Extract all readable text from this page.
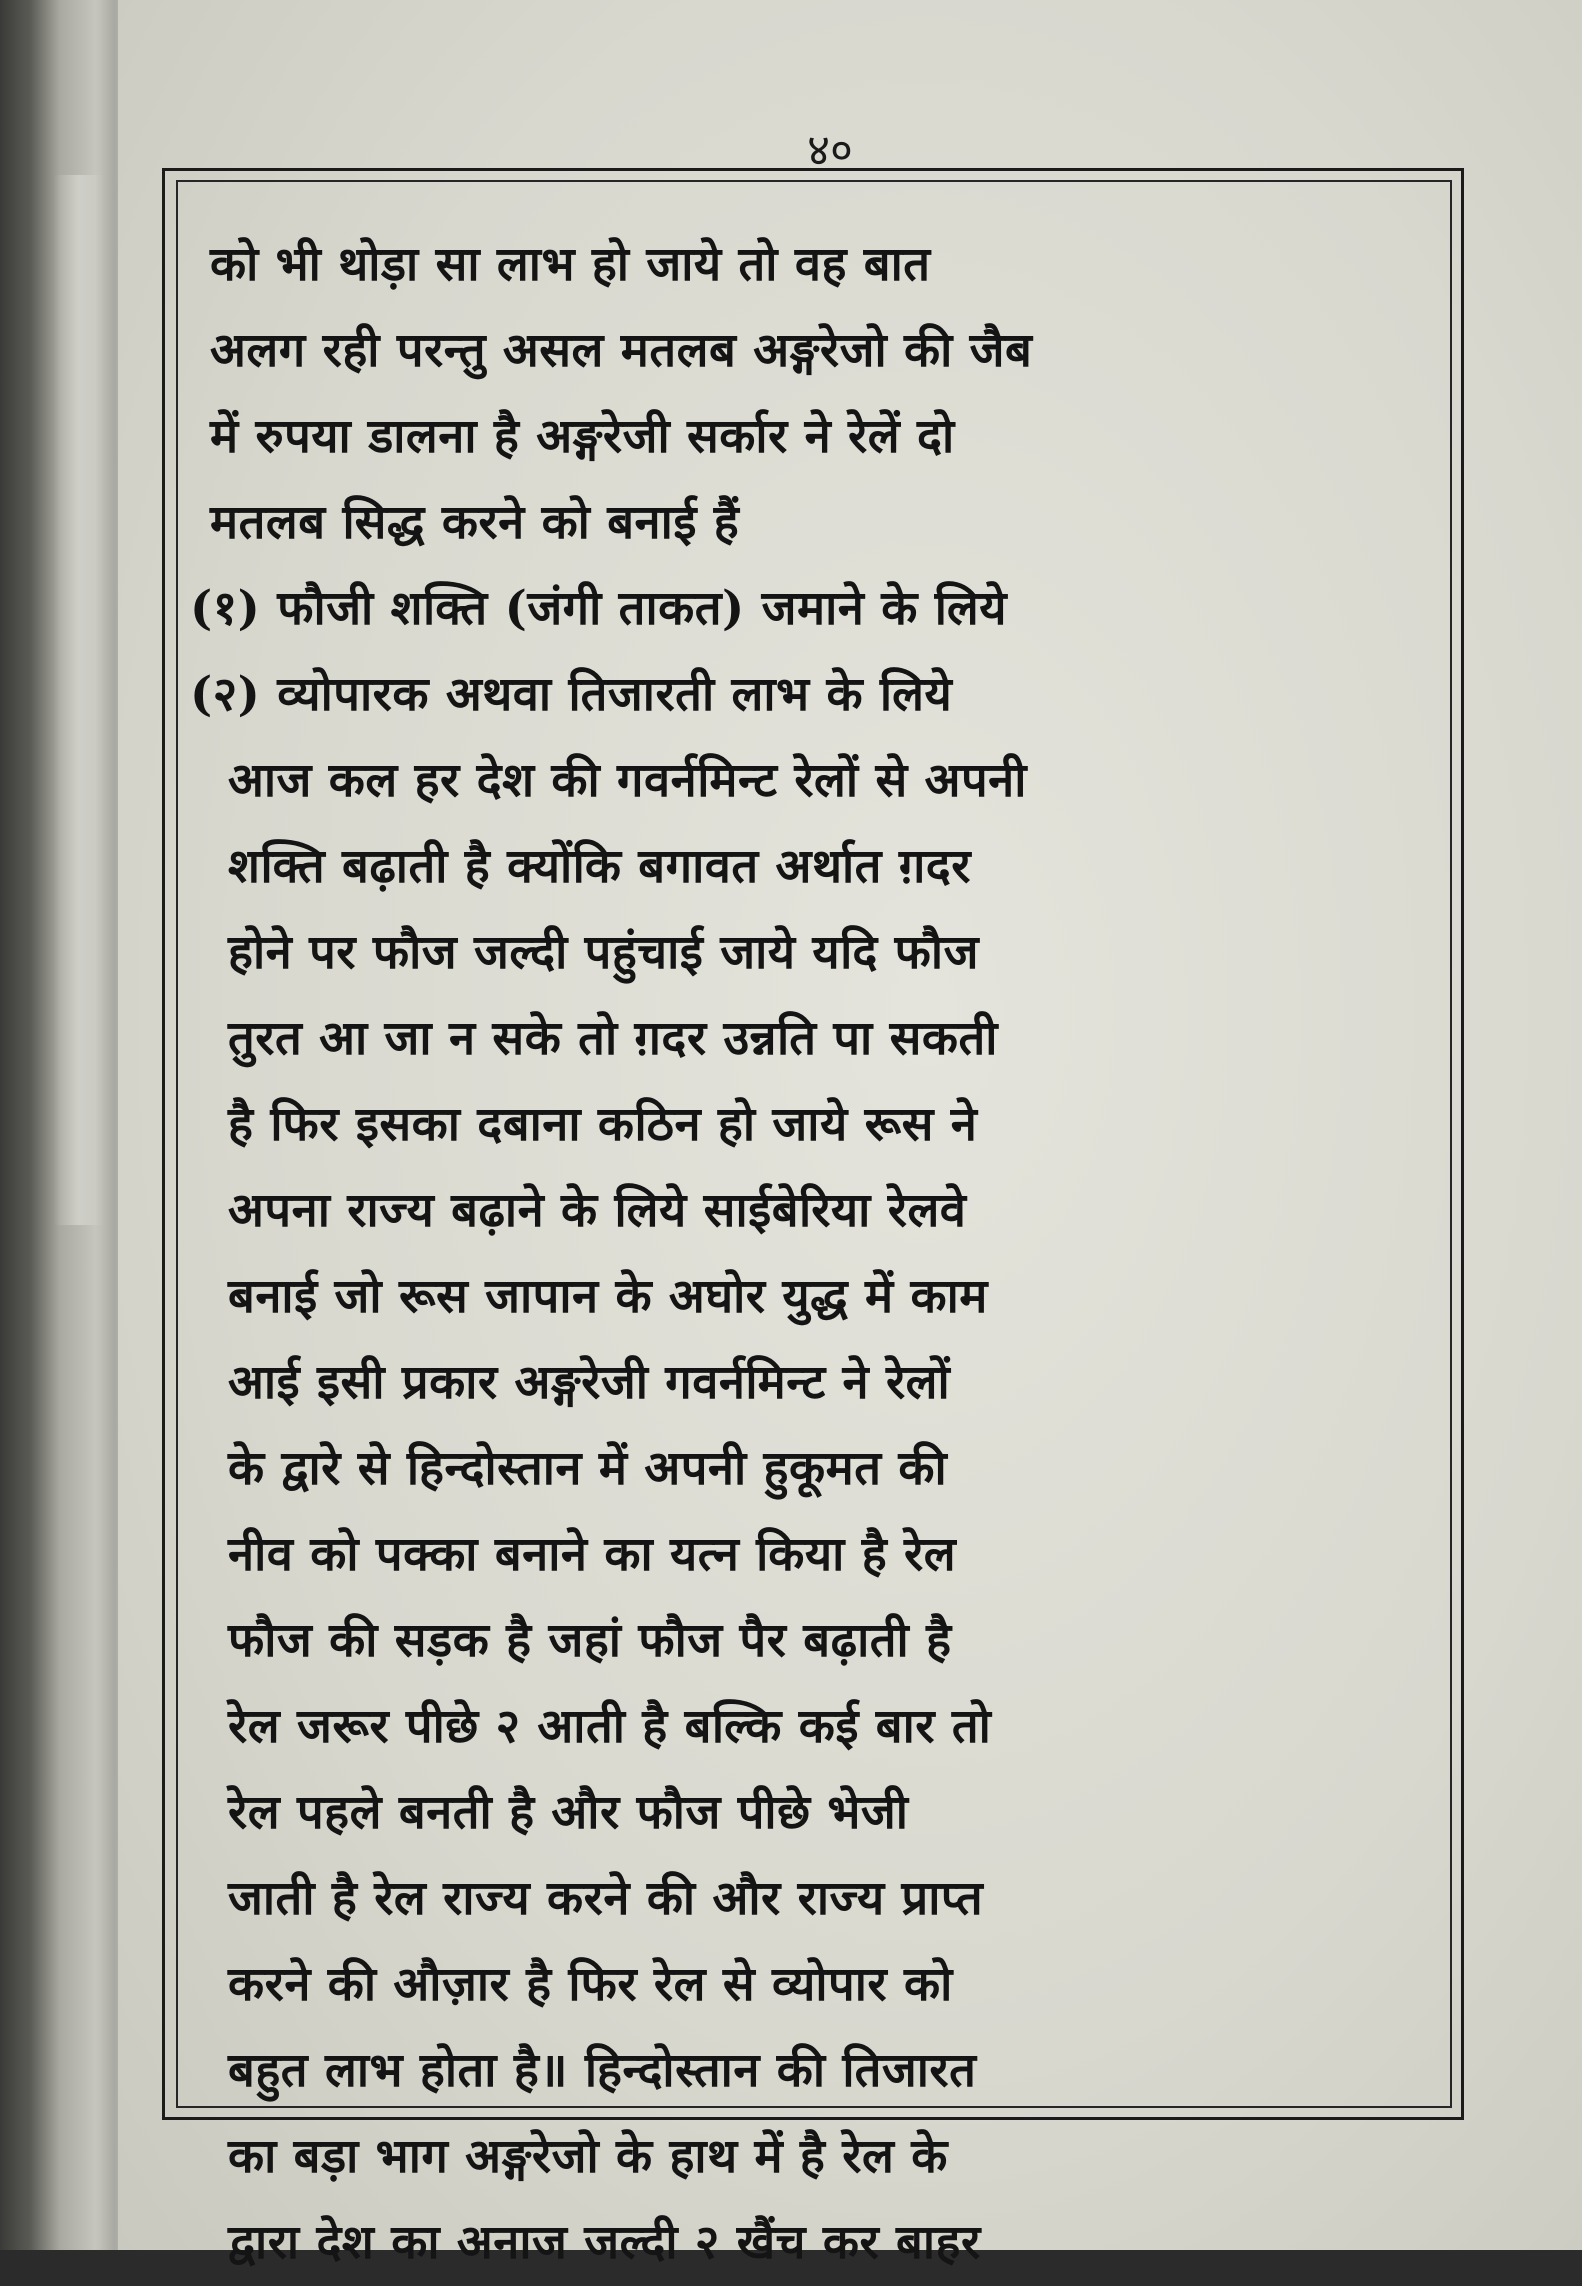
४०
को भी थोड़ा सा लाभ हो जाये तो वह बात
अलग रही परन्तु असल मतलब अङ्गरेजो की जैब
में रुपया डालना है अङ्गरेजी सर्कार ने रेलें दो
मतलब सिद्ध करने को बनाई हैं
(१) फौजी शक्ति (जंगी ताकत) जमाने के लिये
(२) व्योपारक अथवा तिजारती लाभ के लिये
आज कल हर देश की गवर्नमिन्ट रेलों से अपनी
शक्ति बढ़ाती है क्योंकि बगावत अर्थात ग़दर
होने पर फौज जल्दी पहुंचाई जाये यदि फौज
तुरत आ जा न सके तो ग़दर उन्नति पा सकती
है फिर इसका दबाना कठिन हो जाये रूस ने
अपना राज्य बढ़ाने के लिये साईबेरिया रेलवे
बनाई जो रूस जापान के अघोर युद्ध में काम
आई इसी प्रकार अङ्गरेजी गवर्नमिन्ट ने रेलों
के द्वारे से हिन्दोस्तान में अपनी हुकूमत की
नीव को पक्का बनाने का यत्न किया है रेल
फौज की सड़क है जहां फौज पैर बढ़ाती है
रेल जरूर पीछे २ आती है बल्कि कई बार तो
रेल पहले बनती है और फौज पीछे भेजी
जाती है रेल राज्य करने की और राज्य प्राप्त
करने की औज़ार है फिर रेल से व्योपार को
बहुत लाभ होता है॥ हिन्दोस्तान की तिजारत
का बड़ा भाग अङ्गरेजो के हाथ में है रेल के
द्वारा देश का अनाज जल्दी २ खैंच कर बाहर
